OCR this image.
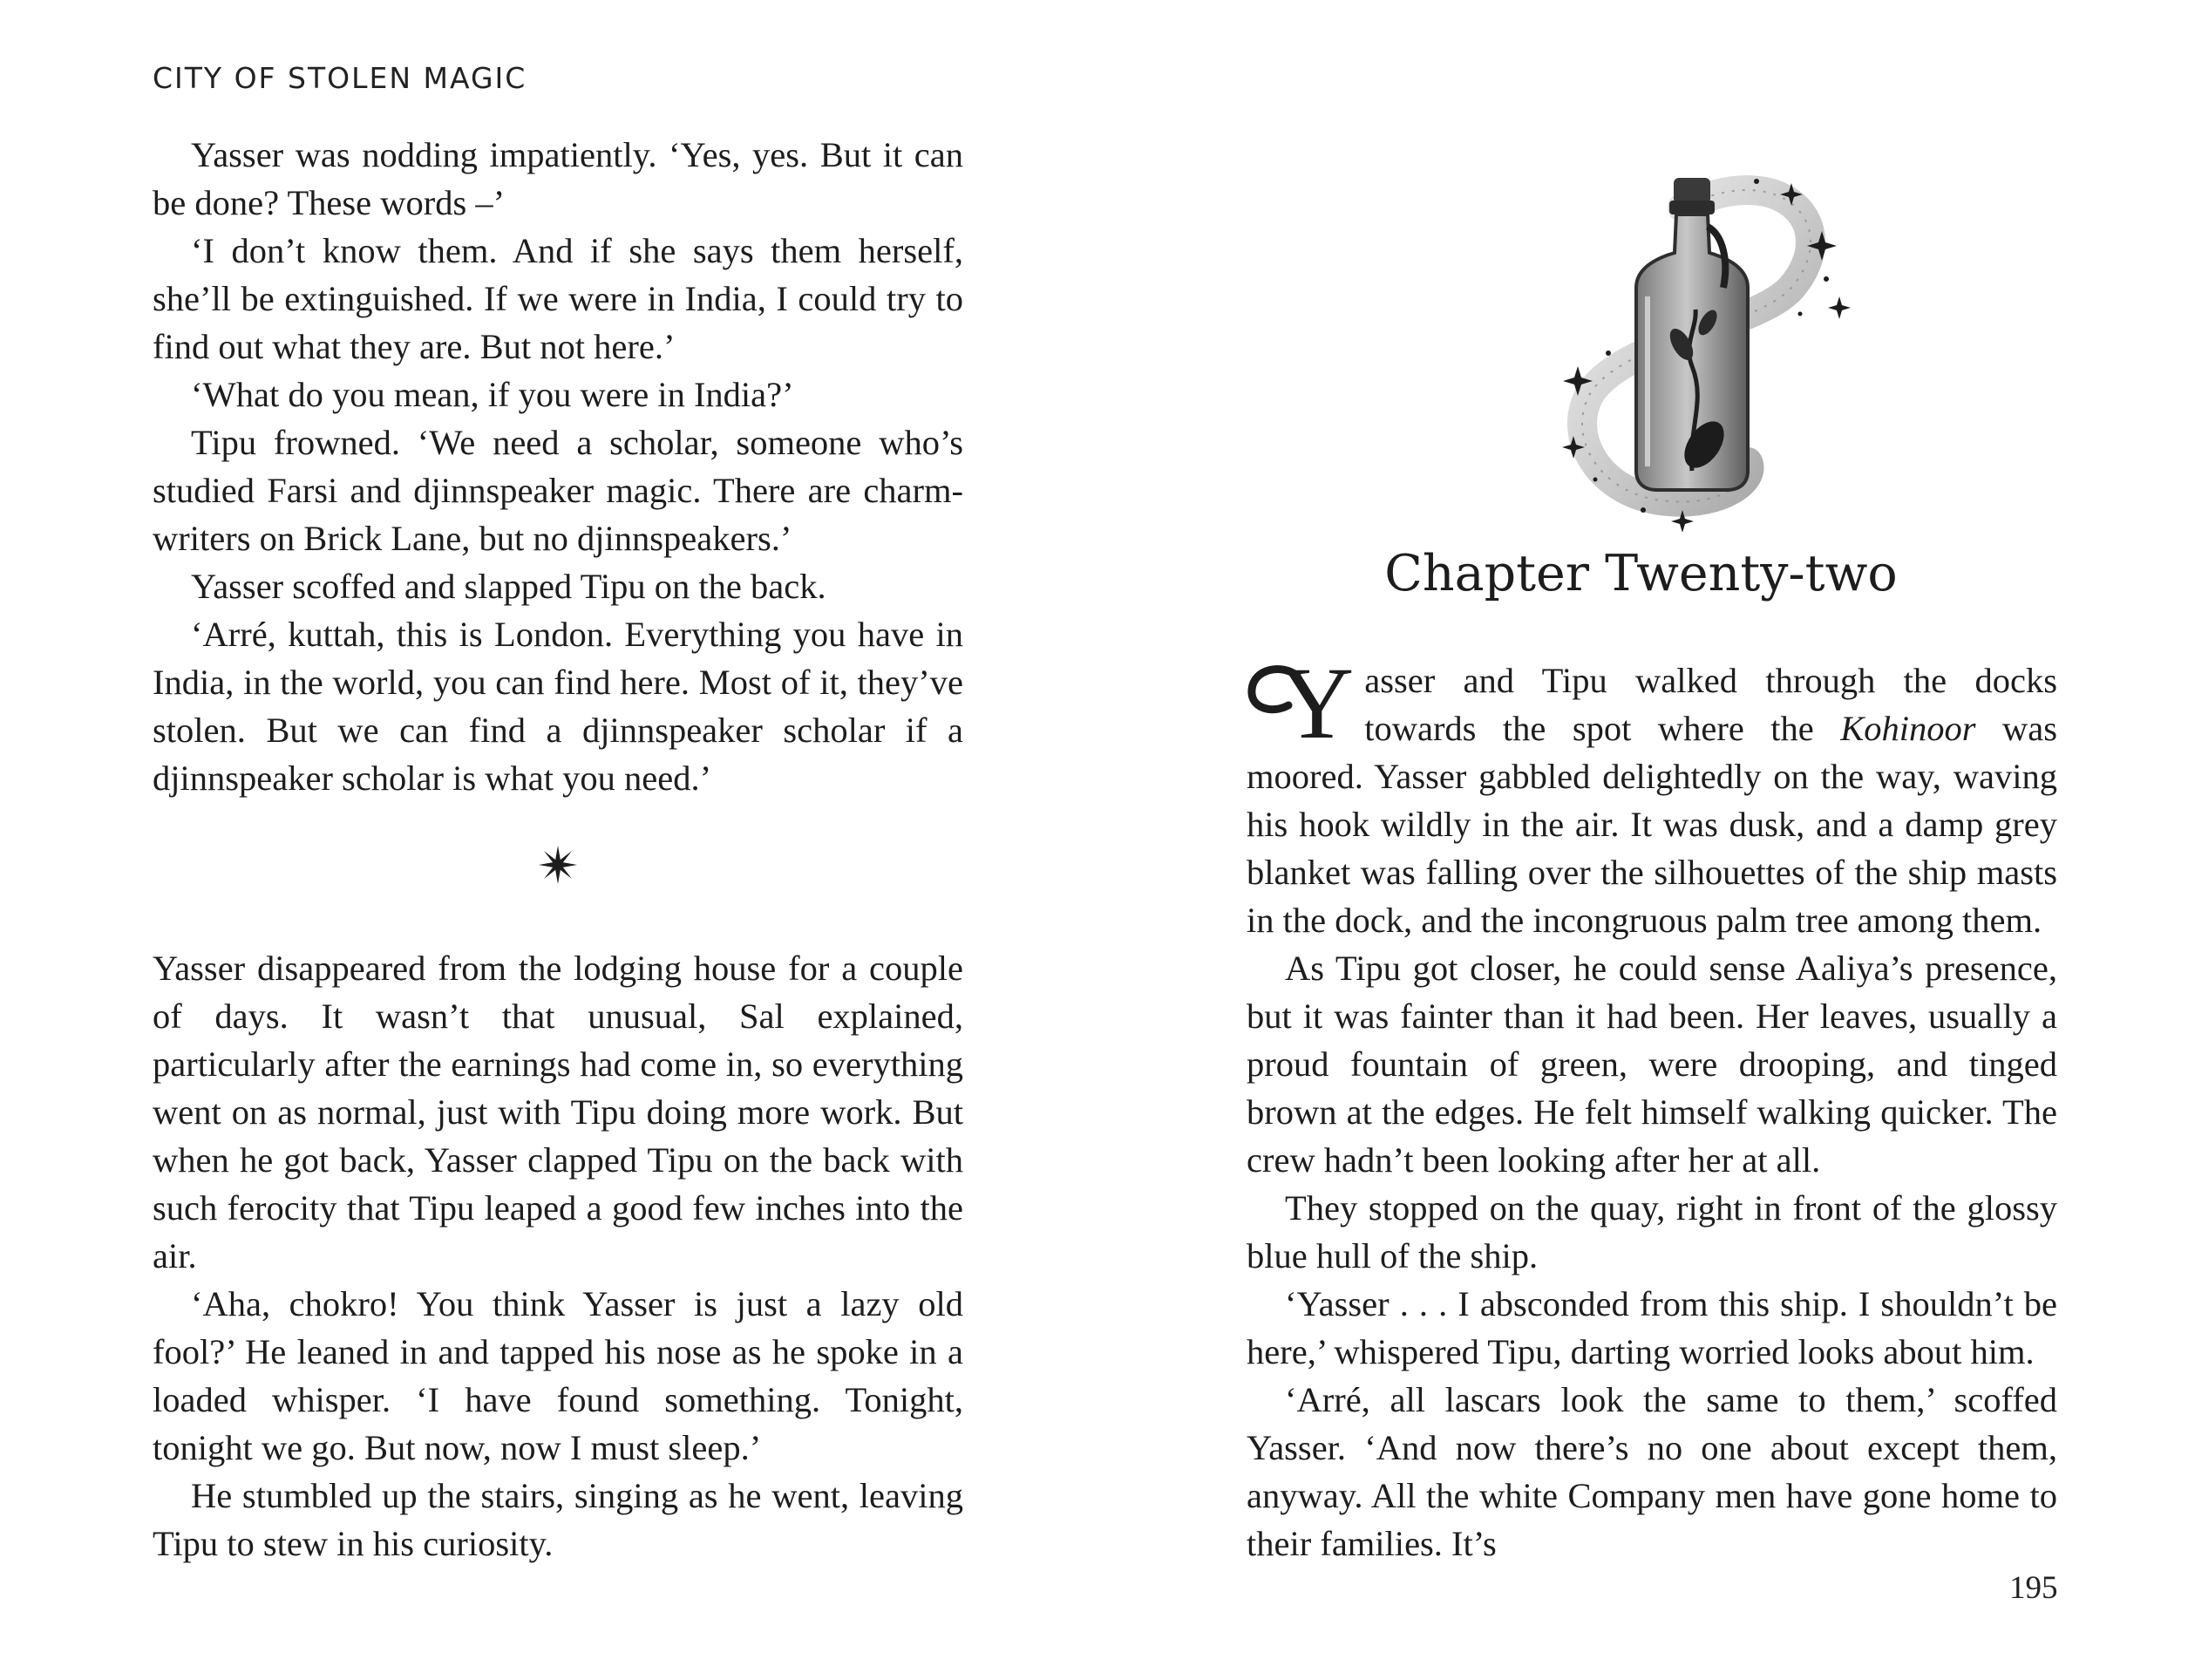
CITY OF STOLEN MAGIC

Yasser was nodding impatiently. ‘Yes, yes. But it can be done? These words –’

‘I don’t know them. And if she says them herself, she’ll be extinguished. If we were in India, I could try to find out what they are. But not here.’

‘What do you mean, if you were in India?’

Tipu frowned. ‘We need a scholar, someone who’s studied Farsi and djinnspeaker magic. There are charm-writers on Brick Lane, but no djinnspeakers.’

Yasser scoffed and slapped Tipu on the back.

‘Arré, kuttah, this is London. Everything you have in India, in the world, you can find here. Most of it, they’ve stolen. But we can find a djinnspeaker scholar if a djinnspeaker scholar is what you need.’

Yasser disappeared from the lodging house for a couple of days. It wasn’t that unusual, Sal explained, particularly after the earnings had come in, so everything went on as normal, just with Tipu doing more work. But when he got back, Yasser clapped Tipu on the back with such ferocity that Tipu leaped a good few inches into the air.

‘Aha, chokro! You think Yasser is just a lazy old fool?’ He leaned in and tapped his nose as he spoke in a loaded whisper. ‘I have found something. Tonight, tonight we go. But now, now I must sleep.’

He stumbled up the stairs, singing as he went, leaving Tipu to stew in his curiosity.

Chapter Twenty-two
Y asser and Tipu walked through the docks towards the spot where the Kohinoor was moored. Yasser gabbled delightedly on the way, waving his hook wildly in the air. It was dusk, and a damp grey blanket was falling over the silhouettes of the ship masts in the dock, and the incongruous palm tree among them.

As Tipu got closer, he could sense Aaliya’s presence, but it was fainter than it had been. Her leaves, usually a proud fountain of green, were drooping, and tinged brown at the edges. He felt himself walking quicker. The crew hadn’t been looking after her at all.

They stopped on the quay, right in front of the glossy blue hull of the ship.

‘Yasser . . . I absconded from this ship. I shouldn’t be here,’ whispered Tipu, darting worried looks about him.

‘Arré, all lascars look the same to them,’ scoffed Yasser. ‘And now there’s no one about except them, anyway. All the white Company men have gone home to their families. It’s

195
